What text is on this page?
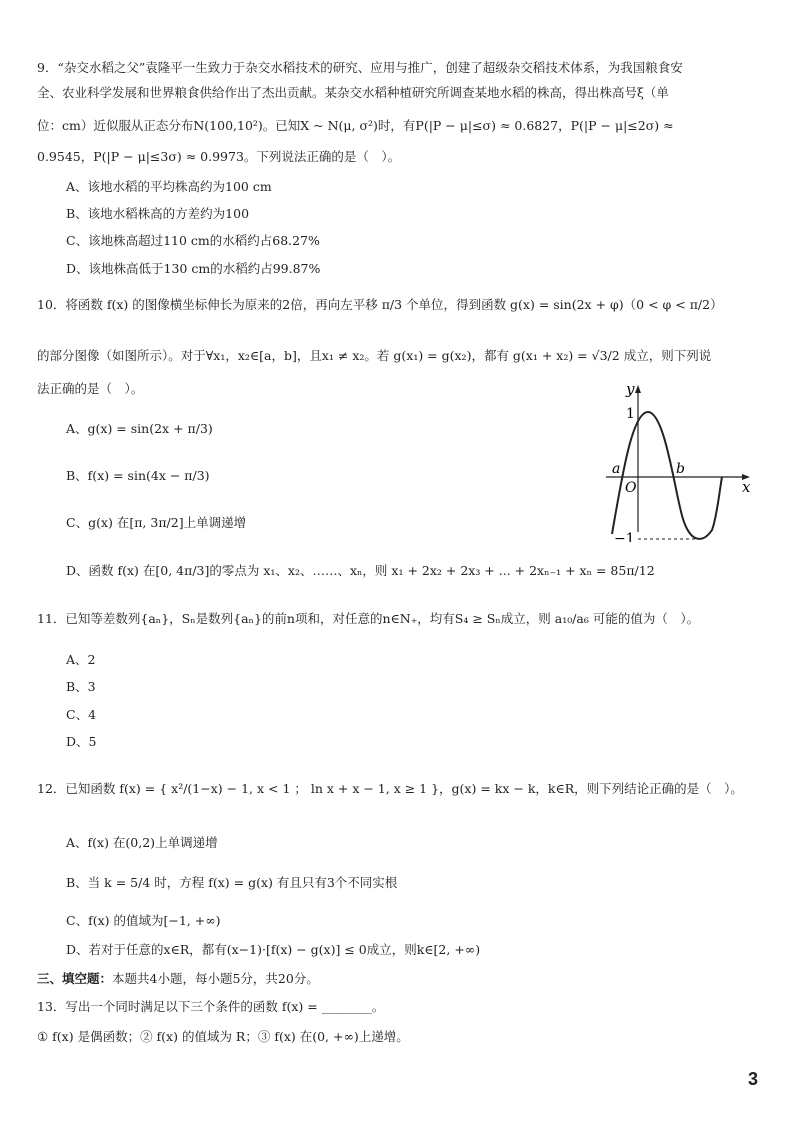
9．“杂交水稻之父”袁隆平一生致力于杂交水稻技术的研究、应用与推广，创建了超级杂交稻技术体系，为我国粮食安
全、农业科学发展和世界粮食供给作出了杰出贡献。某杂交水稻种植研究所调查某地水稻的株高，得出株高号ξ（单
位：cm）近似服从正态分布N(100,10²)。已知X ~ N(μ, σ²)时，有P(|P − μ|≤σ) ≈ 0.6827，P(|P − μ|≤2σ) ≈
0.9545，P(|P − μ|≤3σ) ≈ 0.9973。下列说法正确的是（　）。
A、该地水稻的平均株高约为100 cm
B、该地水稻株高的方差约为100
C、该地株高超过110 cm的水稻约占68.27%
D、该地株高低于130 cm的水稻约占99.87%
10．将函数 f(x) 的图像横坐标伸长为原来的2倍，再向左平移 π/3 个单位，得到函数 g(x) = sin(2x + φ)（0 < φ < π/2）
的部分图像（如图所示）。对于∀x₁，x₂∈[a，b]，且x₁ ≠ x₂。若 g(x₁) = g(x₂)，都有 g(x₁ + x₂) = √3/2 成立，则下列说
法正确的是（　）。
A、g(x) = sin(2x + π/3)
B、f(x) = sin(4x − π/3)
C、g(x) 在[π, 3π/2]上单调递增
D、函数 f(x) 在[0, 4π/3]的零点为 x₁、x₂、……、xₙ，则 x₁ + 2x₂ + 2x₃ + ... + 2xₙ₋₁ + xₙ = 85π/12
y
x
O
a	b
1
−1
11．已知等差数列{aₙ}，Sₙ是数列{aₙ}的前n项和，对任意的n∈N₊，均有S₄ ≥ Sₙ成立，则 a₁₀/a₆ 可能的值为（　）。
A、2
B、3
C、4
D、5
12．已知函数 f(x) = { x²/(1−x) − 1, x < 1 ； ln x + x − 1, x ≥ 1 }，g(x) = kx − k，k∈R，则下列结论正确的是（　）。
A、f(x) 在(0,2)上单调递增
B、当 k = 5/4 时，方程 f(x) = g(x) 有且只有3个不同实根
C、f(x) 的值域为[−1, +∞)
D、若对于任意的x∈R，都有(x−1)·[f(x) − g(x)] ≤ 0成立，则k∈[2, +∞)
三、填空题：本题共4小题，每小题5分，共20分。
13．写出一个同时满足以下三个条件的函数 f(x) = ________。
① f(x) 是偶函数；② f(x) 的值域为 R；③ f(x) 在(0, +∞)上递增。
3
